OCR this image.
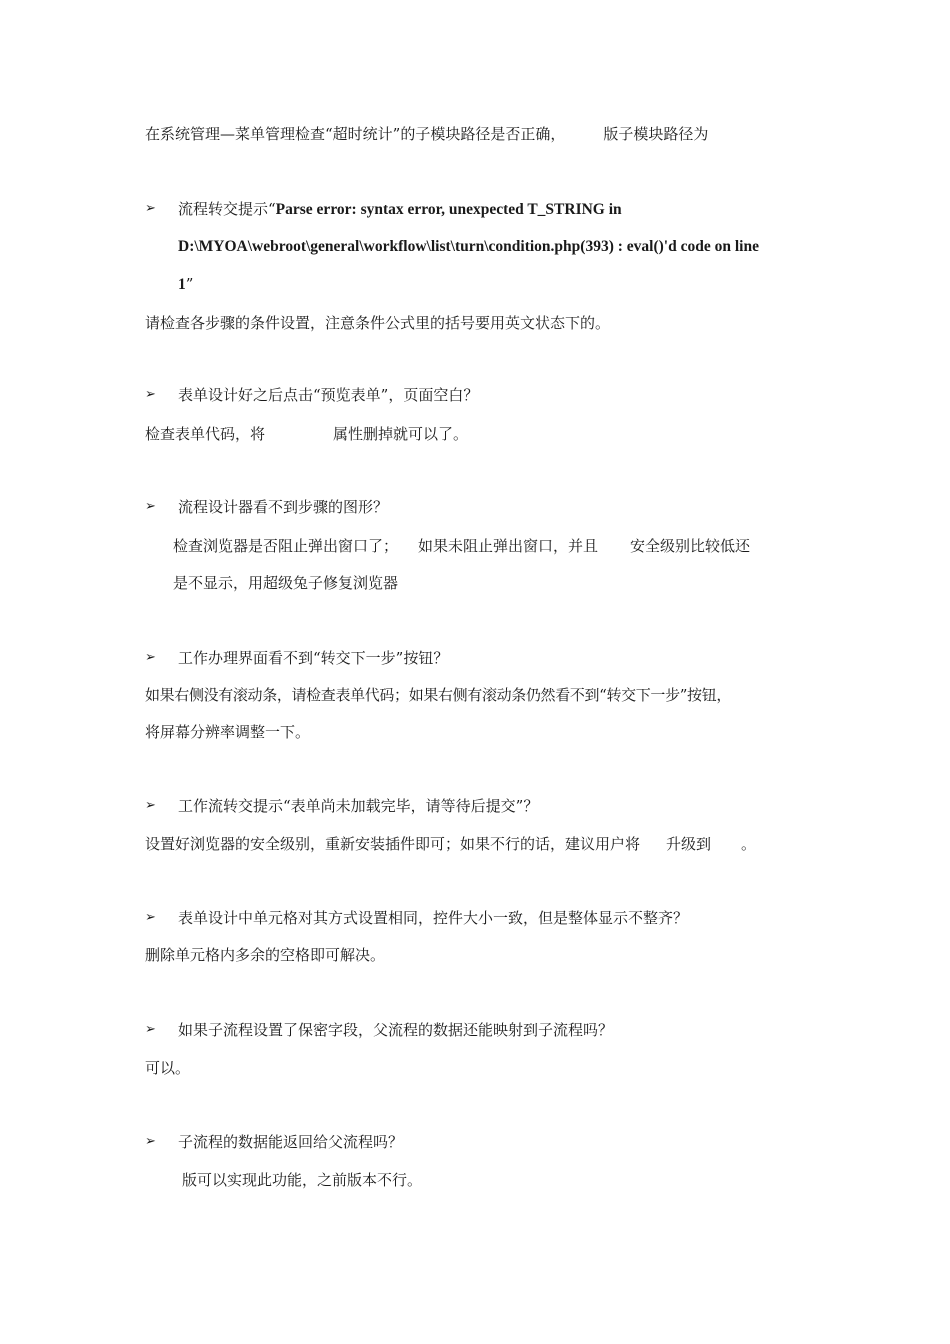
在系统管理—菜单管理检查“超时统计”的子模块路径是否正确，	版子模块路径为
➢ 流程转交提示“Parse error: syntax error, unexpected T_STRING in
D:\MYOA\webroot\general\workflow\list\turn\condition.php(393) : eval()'d code on line
1”
请检查各步骤的条件设置，注意条件公式里的括号要用英文状态下的。
➢ 表单设计好之后点击“预览表单”，页面空白？
检查表单代码，将	属性删掉就可以了。
➢ 流程设计器看不到步骤的图形？
检查浏览器是否阻止弹出窗口了； 如果未阻止弹出窗口，并且 安全级别比较低还
是不显示，用超级兔子修复浏览器
➢ 工作办理界面看不到“转交下一步”按钮？
如果右侧没有滚动条，请检查表单代码；如果右侧有滚动条仍然看不到“转交下一步”按钮，
将屏幕分辨率调整一下。
➢ 工作流转交提示“表单尚未加载完毕，请等待后提交”？
设置好浏览器的安全级别，重新安装插件即可；如果不行的话，建议用户将 升级到 。
➢ 表单设计中单元格对其方式设置相同，控件大小一致，但是整体显示不整齐？
删除单元格内多余的空格即可解决。
➢ 如果子流程设置了保密字段，父流程的数据还能映射到子流程吗？
可以。
➢ 子流程的数据能返回给父流程吗？
版可以实现此功能，之前版本不行。
